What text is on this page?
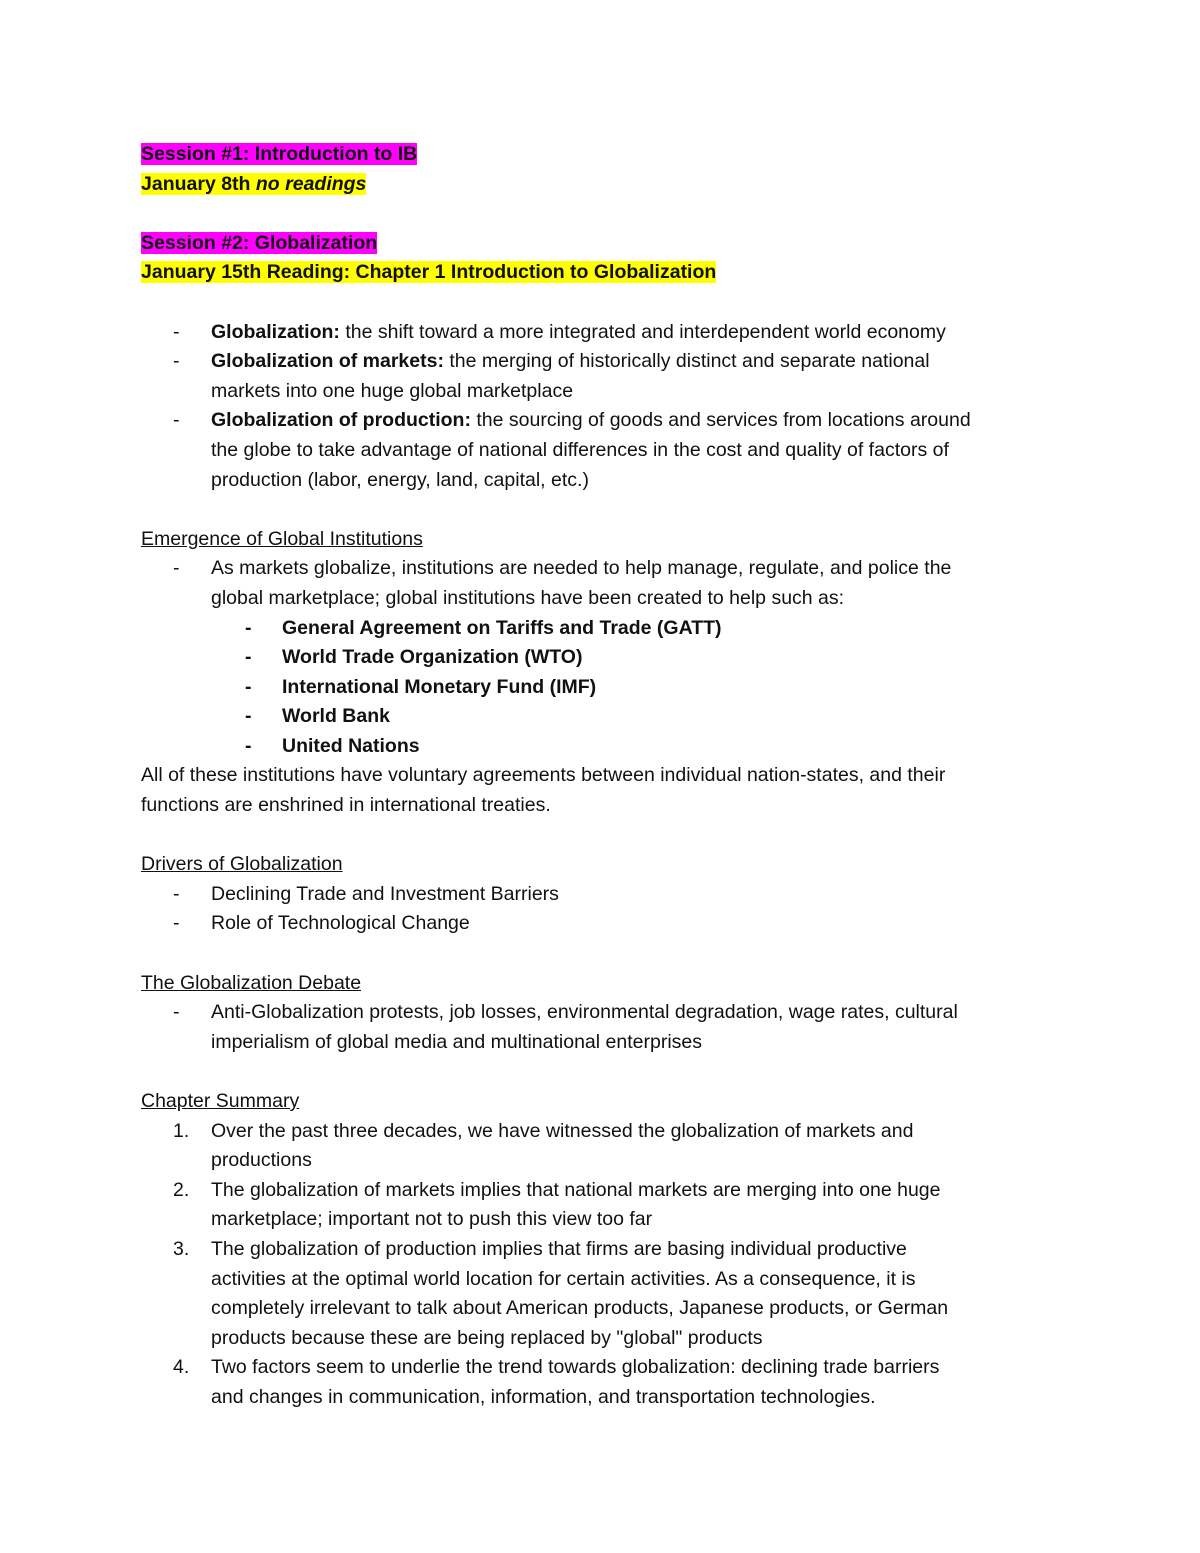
Session #1: Introduction to IB
January 8th no readings
Session #2: Globalization
January 15th Reading: Chapter 1 Introduction to Globalization
- Globalization: the shift toward a more integrated and interdependent world economy
- Globalization of markets: the merging of historically distinct and separate national
markets into one huge global marketplace
- Globalization of production: the sourcing of goods and services from locations around
the globe to take advantage of national differences in the cost and quality of factors of
production (labor, energy, land, capital, etc.)
Emergence of Global Institutions
- As markets globalize, institutions are needed to help manage, regulate, and police the
global marketplace; global institutions have been created to help such as:
- General Agreement on Tariffs and Trade (GATT)
- World Trade Organization (WTO)
- International Monetary Fund (IMF)
- World Bank
- United Nations
All of these institutions have voluntary agreements between individual nation-states, and their
functions are enshrined in international treaties.
Drivers of Globalization
- Declining Trade and Investment Barriers
- Role of Technological Change
The Globalization Debate
- Anti-Globalization protests, job losses, environmental degradation, wage rates, cultural
imperialism of global media and multinational enterprises
Chapter Summary
1. Over the past three decades, we have witnessed the globalization of markets and
productions
2. The globalization of markets implies that national markets are merging into one huge
marketplace; important not to push this view too far
3. The globalization of production implies that firms are basing individual productive
activities at the optimal world location for certain activities. As a consequence, it is
completely irrelevant to talk about American products, Japanese products, or German
products because these are being replaced by "global" products
4. Two factors seem to underlie the trend towards globalization: declining trade barriers
and changes in communication, information, and transportation technologies.
